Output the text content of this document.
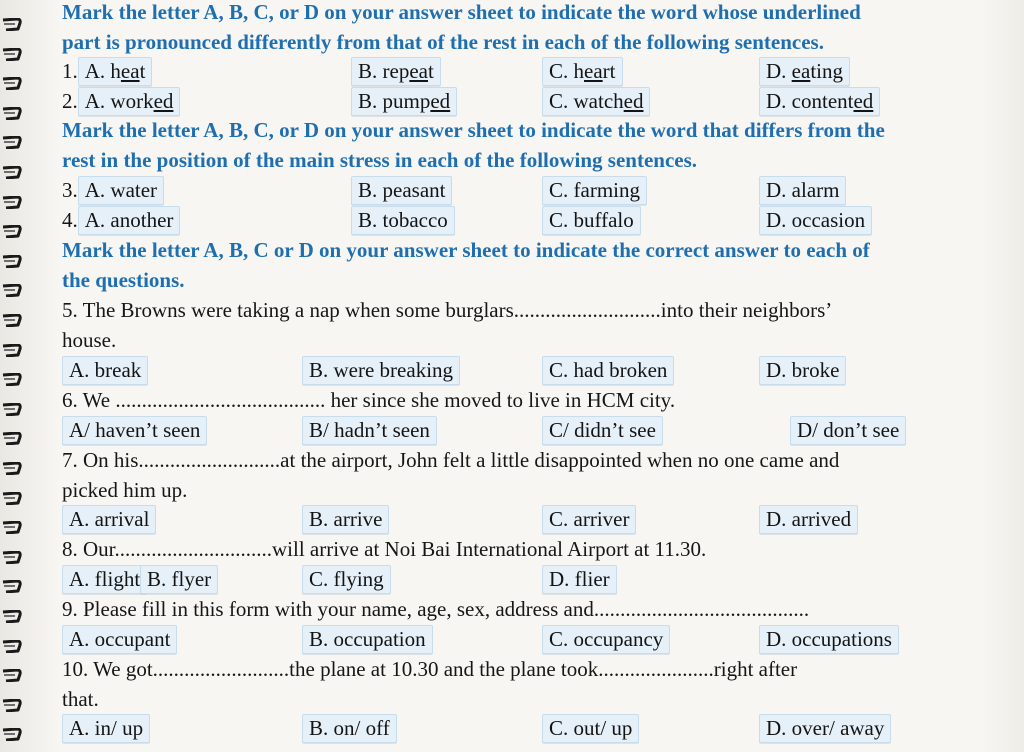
Mark the letter A, B, C, or D on your answer sheet to indicate the word whose underlined
part is pronounced differently from that of the rest in each of the following sentences.
1. A. heat	B. repeat	C. heart	D. eating
2. A. worked	B. pumped	C. watched	D. contented
Mark the letter A, B, C, or D on your answer sheet to indicate the word that differs from the
rest in the position of the main stress in each of the following sentences.
3. A. water	B. peasant	C. farming	D. alarm
4. A. another	B. tobacco	C. buffalo	D. occasion
Mark the letter A, B, C or D on your answer sheet to indicate the correct answer to each of
the questions.
5. The Browns were taking a nap when some burglars............................into their neighbors’
house.
A. break	B. were breaking	C. had broken	D. broke
6. We ........................................ her since she moved to live in HCM city.
A/ haven’t seen	B/ hadn’t seen	C/ didn’t see	D/ don’t see
7. On his...........................at the airport, John felt a little disappointed when no one came and
picked him up.
A. arrival	B. arrive	C. arriver	D. arrived
8. Our..............................will arrive at Noi Bai International Airport at 11.30.
A. flight B. flyer	C. flying	D. flier
9. Please fill in this form with your name, age, sex, address and.........................................
A. occupant	B. occupation	C. occupancy	D. occupations
10. We got..........................the plane at 10.30 and the plane took......................right after
that.
A. in/ up	B. on/ off	C. out/ up	D. over/ away
